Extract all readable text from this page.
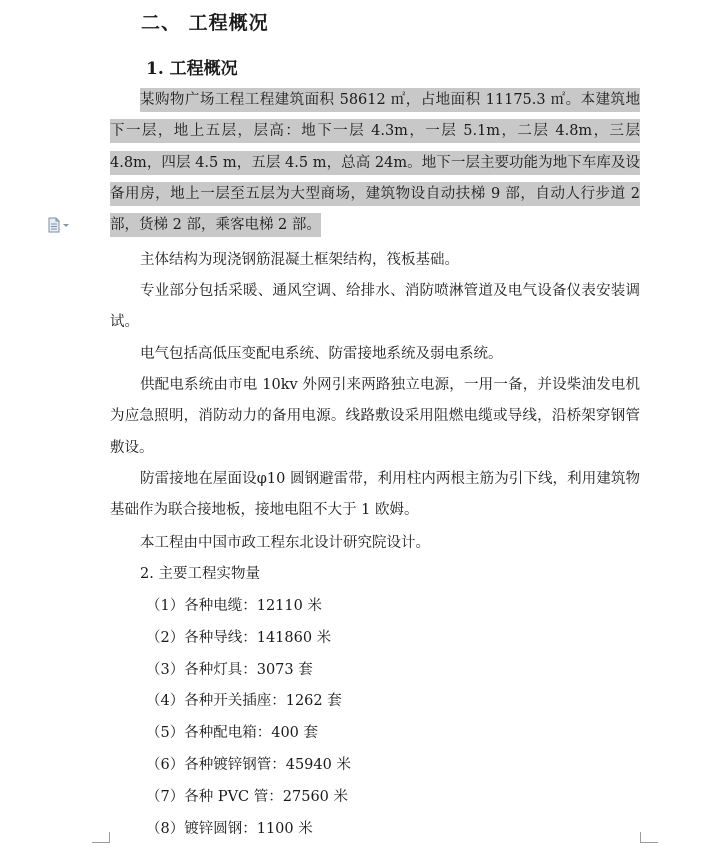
二、 工程概况
1. 工程概况

某购物广场工程工程建筑面积 58612 ㎡，占地面积 11175.3 ㎡。本建筑地下一层，地上五层，层高：地下一层 4.3m，一层 5.1m，二层 4.8m，三层 4.8m，四层 4.5 m，五层 4.5 m，总高 24m。地下一层主要功能为地下车库及设备用房，地上一层至五层为大型商场，建筑物设自动扶梯 9 部，自动人行步道 2 部，货梯 2 部，乘客电梯 2 部。

主体结构为现浇钢筋混凝土框架结构，筏板基础。

专业部分包括采暖、通风空调、给排水、消防喷淋管道及电气设备仪表安装调试。

电气包括高低压变配电系统、防雷接地系统及弱电系统。

供配电系统由市电 10kv 外网引来两路独立电源，一用一备，并设柴油发电机为应急照明，消防动力的备用电源。线路敷设采用阻燃电缆或导线，沿桥架穿钢管敷设。

防雷接地在屋面设φ10 圆钢避雷带，利用柱内两根主筋为引下线，利用建筑物基础作为联合接地板，接地电阻不大于 1 欧姆。

本工程由中国市政工程东北设计研究院设计。

2. 主要工程实物量
（1）各种电缆：12110 米
（2）各种导线：141860 米
（3）各种灯具：3073 套
（4）各种开关插座：1262 套
（5）各种配电箱：400 套
（6）各种镀锌钢管：45940 米
（7）各种 PVC 管：27560 米
（8）镀锌圆钢：1100 米
